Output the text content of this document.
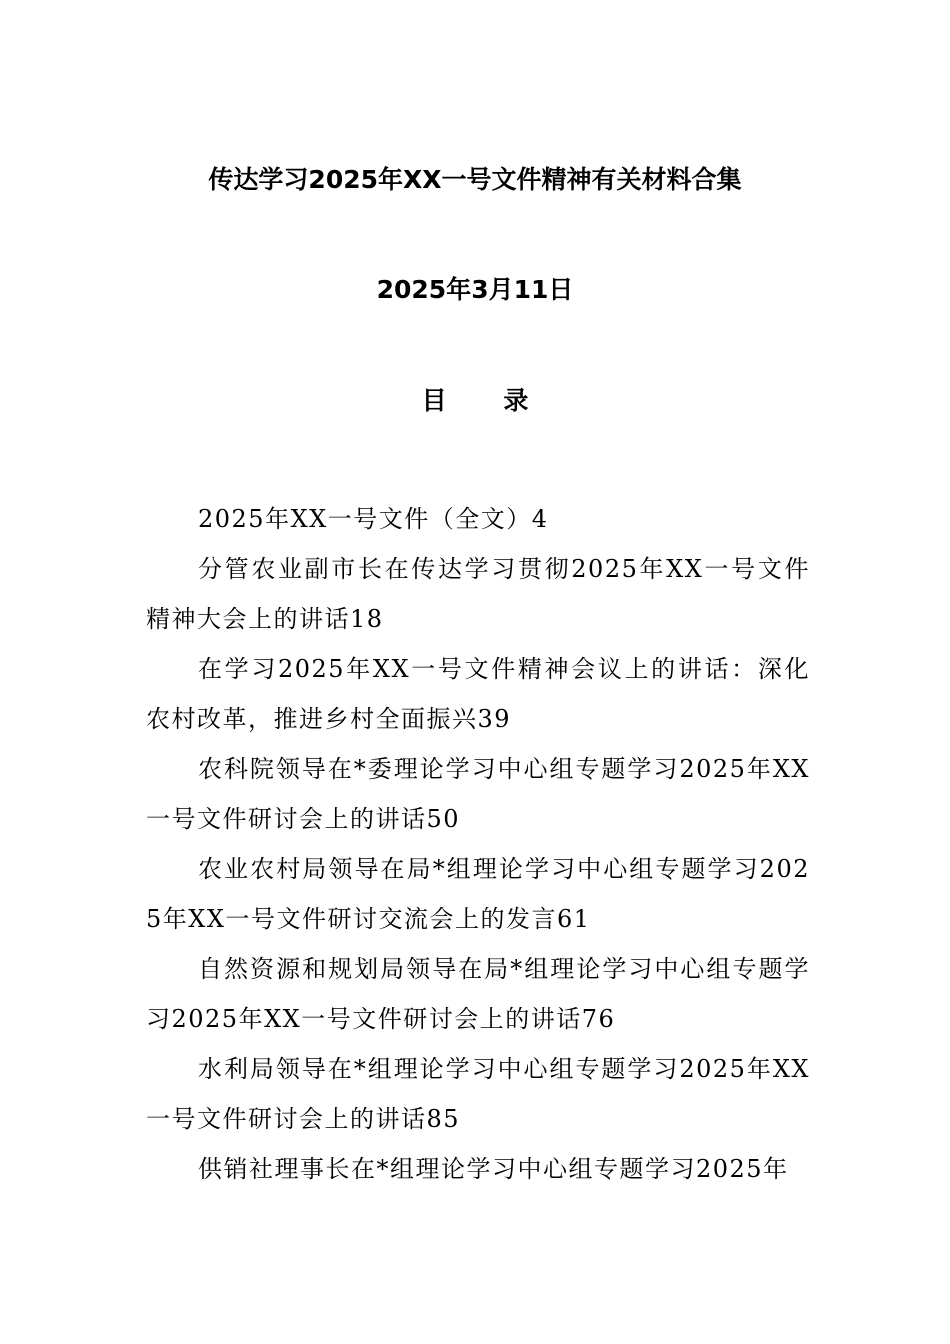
传达学习2025年XX一号文件精神有关材料合集
2025年3月11日
目 录
2025年XX一号文件（全文）4
分管农业副市长在传达学习贯彻2025年XX一号文件精神大会上的讲话18
在学习2025年XX一号文件精神会议上的讲话：深化农村改革，推进乡村全面振兴39
农科院领导在*委理论学习中心组专题学习2025年XX一号文件研讨会上的讲话50
农业农村局领导在局*组理论学习中心组专题学习2025年XX一号文件研讨交流会上的发言61
自然资源和规划局领导在局*组理论学习中心组专题学习2025年XX一号文件研讨会上的讲话76
水利局领导在*组理论学习中心组专题学习2025年XX一号文件研讨会上的讲话85
供销社理事长在*组理论学习中心组专题学习2025年
